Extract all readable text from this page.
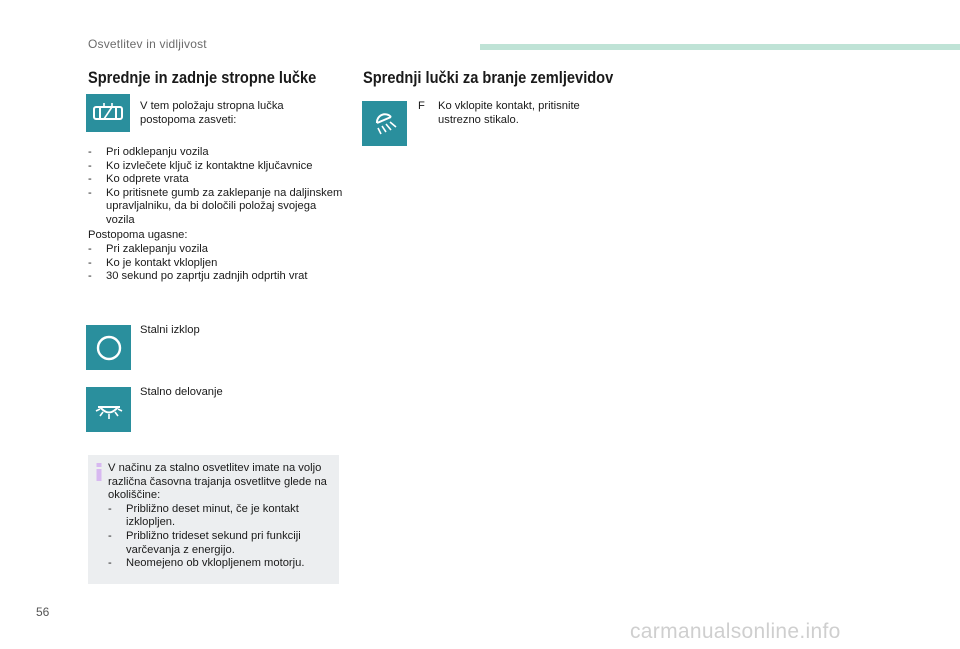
Osvetlitev in vidljivost
Sprednje in zadnje stropne lučke
V tem položaju stropna lučka postopoma zasveti:
- Pri odklepanju vozila
- Ko izvlečete ključ iz kontaktne ključavnice
- Ko odprete vrata
- Ko pritisnete gumb za zaklepanje na daljinskem upravljalniku, da bi določili položaj svojega vozila
Postopoma ugasne:
- Pri zaklepanju vozila
- Ko je kontakt vklopljen
- 30 sekund po zaprtju zadnjih odprtih vrat
Stalni izklop
Stalno delovanje
V načinu za stalno osvetlitev imate na voljo različna časovna trajanja osvetlitve glede na okoliščine:
- Približno deset minut, če je kontakt izklopljen.
- Približno trideset sekund pri funkciji varčevanja z energijo.
- Neomejeno ob vklopljenem motorju.
Sprednji lučki za branje zemljevidov
F Ko vklopite kontakt, pritisnite ustrezno stikalo.
56
carmanualsonline.info
